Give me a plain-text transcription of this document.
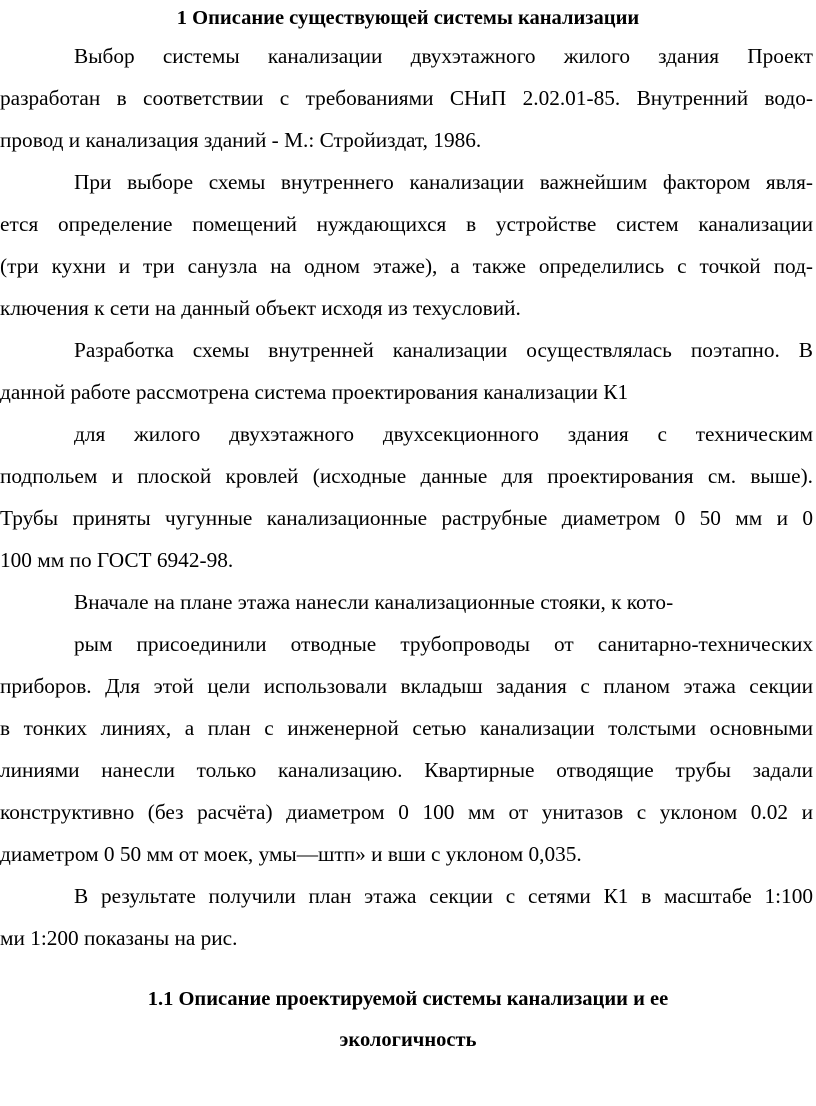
1 Описание существующей системы канализации

Выбор системы канализации двухэтажного жилого здания Проект

разработан в соответствии с требованиями СНиП 2.02.01-85. Внутренний водо-

провод и канализация зданий - М.: Стройиздат, 1986.

При выборе схемы внутреннего канализации важнейшим фактором явля-

ется определение помещений нуждающихся в устройстве систем канализации

(три кухни и три санузла на одном этаже), а также определились с точкой под-

ключения к сети на данный объект исходя из техусловий.

Разработка схемы внутренней канализации осуществлялась поэтапно. В

данной работе рассмотрена система проектирования канализации К1

для жилого двухэтажного двухсекционного здания с техническим

подпольем и плоской кровлей (исходные данные для проектирования см. выше).

Трубы приняты чугунные канализационные раструбные диаметром 0 50 мм и 0

100 мм по ГОСТ 6942-98.

Вначале на плане этажа нанесли канализационные стояки, к кото-

рым присоединили отводные трубопроводы от санитарно-технических

приборов. Для этой цели использовали вкладыш задания с планом этажа секции

в тонких линиях, а план с инженерной сетью канализации толстыми основными

линиями нанесли только канализацию. Квартирные отводящие трубы задали

конструктивно (без расчёта) диаметром 0 100 мм от унитазов с уклоном 0.02 и

диаметром 0 50 мм от моек, умы—штп» и вши с уклоном 0,035.

В результате получили план этажа секции с сетями К1 в масштабе 1:100

ми 1:200 показаны на рис.

1.1 Описание проектируемой системы канализации и ее
экологичность
